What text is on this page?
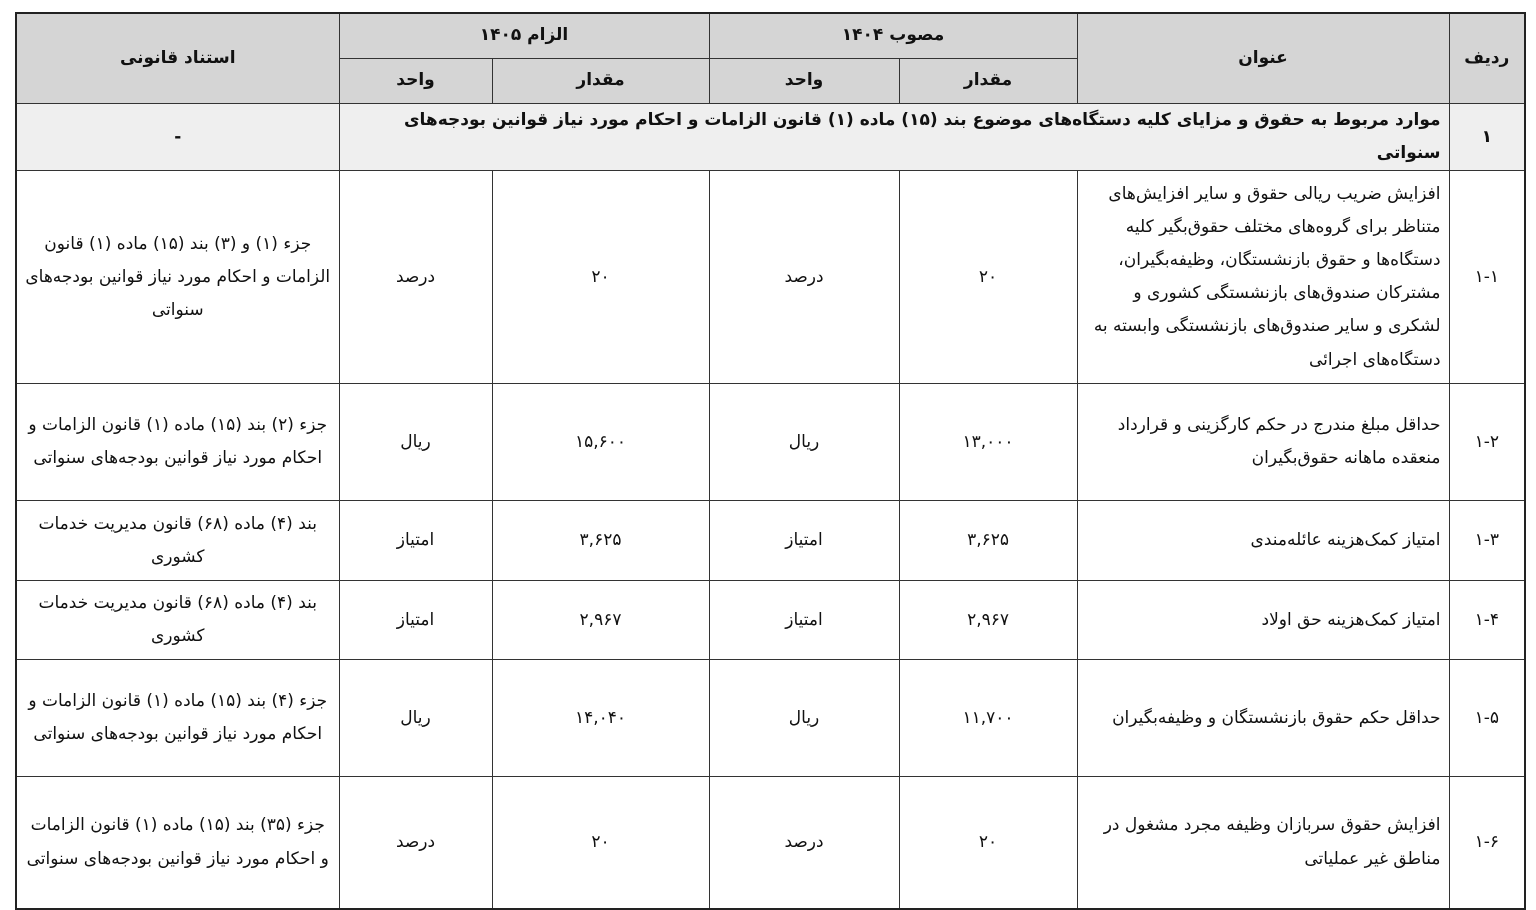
ردیف	عنوان	مصوب ۱۴۰۴		الزام ۱۴۰۵		استناد قانونی
		مقدار	واحد	مقدار	واحد	
۱	موارد مربوط به حقوق و مزایای کلیه دستگاه‌های موضوع بند (۱۵) ماده (۱) قانون الزامات و احکام مورد نیاز قوانین بودجه‌های سنواتی					-
۱-۱	افزایش ضریب ریالی حقوق و سایر افزایش‌های متناظر برای گروه‌های مختلف حقوق‌بگیر کلیه دستگاه‌ها و حقوق بازنشستگان، وظیفه‌بگیران، مشترکان صندوق‌های بازنشستگی کشوری و لشکری و سایر صندوق‌های بازنشستگی وابسته به دستگاه‌های اجرائی	۲۰	درصد	۲۰	درصد	جزء (۱) و (۳) بند (۱۵) ماده (۱) قانون الزامات و احکام مورد نیاز قوانین بودجه‌های سنواتی
۱-۲	حداقل مبلغ مندرج در حکم کارگزینی و قرارداد منعقده ماهانه حقوق‌بگیران	۱۳,۰۰۰	ریال	۱۵,۶۰۰	ریال	جزء (۲) بند (۱۵) ماده (۱) قانون الزامات و احکام مورد نیاز قوانین بودجه‌های سنواتی
۱-۳	امتیاز کمک‌هزینه عائله‌مندی	۳,۶۲۵	امتیاز	۳,۶۲۵	امتیاز	بند (۴) ماده (۶۸) قانون مدیریت خدمات کشوری
۱-۴	امتیاز کمک‌هزینه حق اولاد	۲,۹۶۷	امتیاز	۲,۹۶۷	امتیاز	بند (۴) ماده (۶۸) قانون مدیریت خدمات کشوری
۱-۵	حداقل حکم حقوق بازنشستگان و وظیفه‌بگیران	۱۱,۷۰۰	ریال	۱۴,۰۴۰	ریال	جزء (۴) بند (۱۵) ماده (۱) قانون الزامات و احکام مورد نیاز قوانین بودجه‌های سنواتی
۱-۶	افزایش حقوق سربازان وظیفه مجرد مشغول در مناطق غیر عملیاتی	۲۰	درصد	۲۰	درصد	جزء (۳۵) بند (۱۵) ماده (۱) قانون الزامات و احکام مورد نیاز قوانین بودجه‌های سنواتی
